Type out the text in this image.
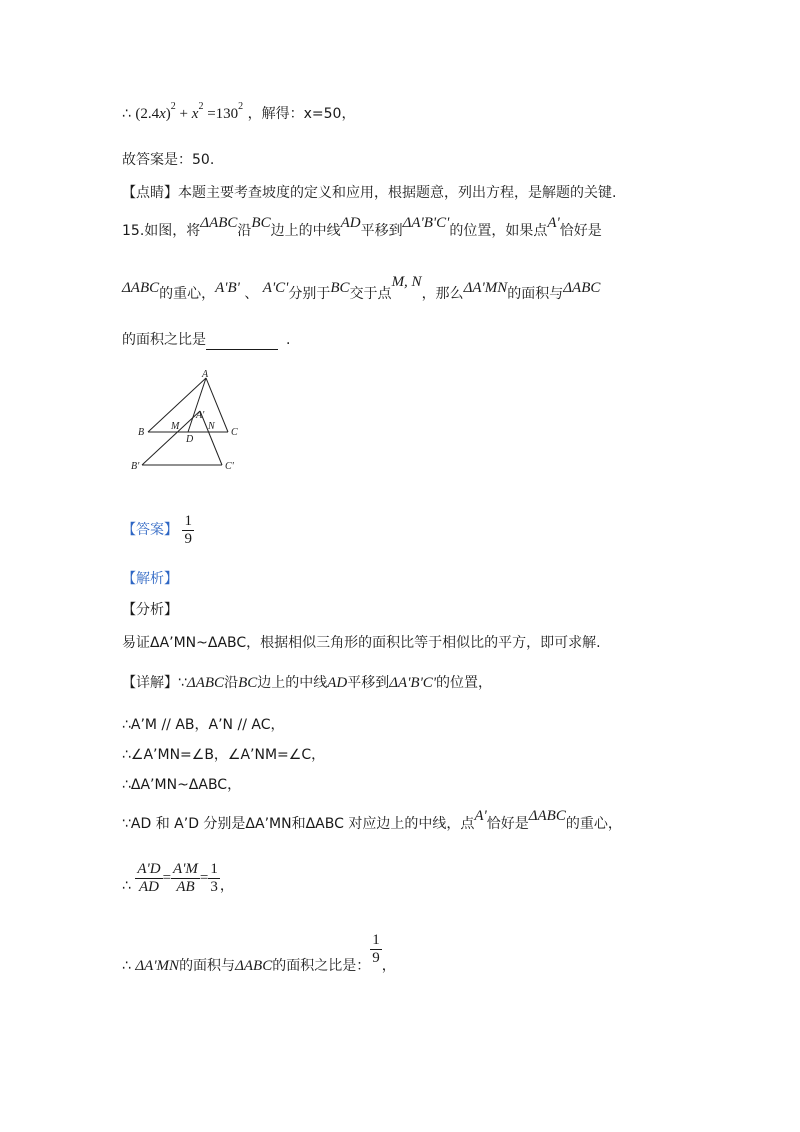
∴ $(2.4x)^2 + x^2 =130^2$ ，解得：x=50，
故答案是：50.
【点睛】本题主要考查坡度的定义和应用，根据题意，列出方程，是解题的关键.
15.如图，将ΔABC沿BC边上的中线AD平移到ΔA'B'C'的位置，如果点A'恰好是
ΔABC的重心，A'B' 、 A'C'分别于BC交于点M, N，那么ΔA'MN的面积与ΔABC
的面积之比是	.
A
A'
B	C
M	N
D
B'	C'
【答案】 $\frac{1}{9}$
【解析】
【分析】
易证ΔA’MN~ΔABC，根据相似三角形的面积比等于相似比的平方，即可求解.
【详解】∵ΔABC沿BC边上的中线AD平移到ΔA'B'C'的位置，
∴A’M // AB，A’N // AC，
∴∠A’MN=∠B，∠A’NM=∠C，
∴ΔA’MN~ΔABC，
∵AD 和 A’D 分别是ΔA’MN和ΔABC 对应边上的中线，点A'恰好是ΔABC的重心，
∴ $\frac{A'D}{AD} = \frac{A'M}{AB} = \frac{1}{3}$ ，
∴ ΔA'MN的面积与ΔABC的面积之比是： $\frac{1}{9}$ ，
